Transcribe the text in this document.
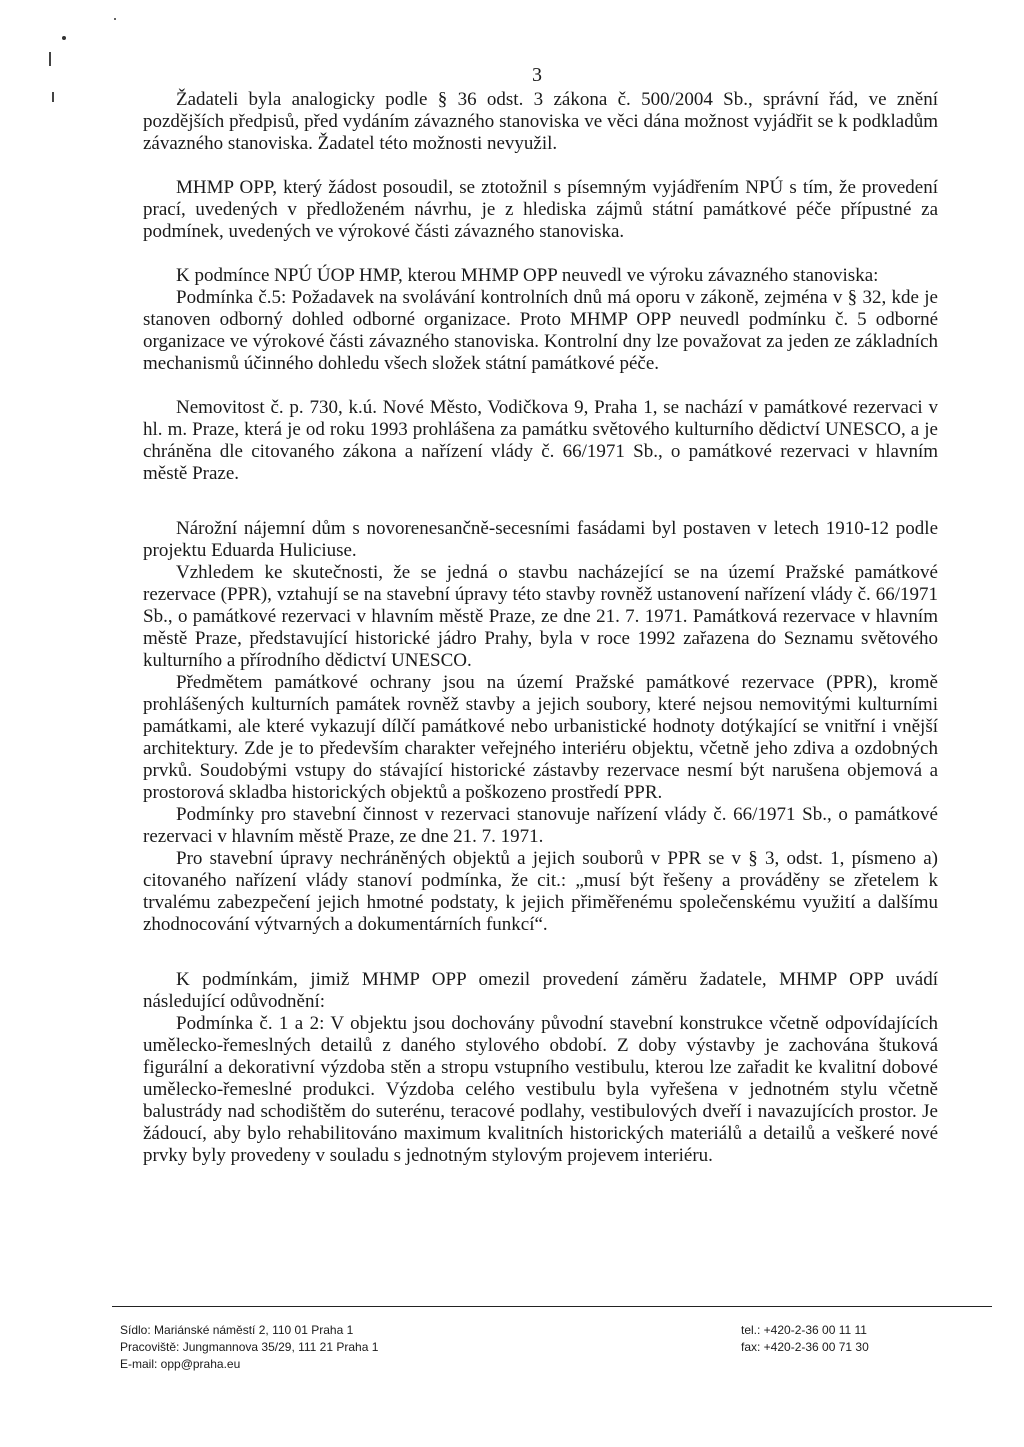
3

Žadateli byla analogicky podle § 36 odst. 3 zákona č. 500/2004 Sb., správní řád, ve znění pozdějších předpisů, před vydáním závazného stanoviska ve věci dána možnost vyjádřit se k podkladům závazného stanoviska. Žadatel této možnosti nevyužil.

MHMP OPP, který žádost posoudil, se ztotožnil s písemným vyjádřením NPÚ s tím, že provedení prací, uvedených v předloženém návrhu, je z hlediska zájmů státní památkové péče přípustné za podmínek, uvedených ve výrokové části závazného stanoviska.

K podmínce NPÚ ÚOP HMP, kterou MHMP OPP neuvedl ve výroku závazného stanoviska:

Podmínka č.5: Požadavek na svolávání kontrolních dnů má oporu v zákoně, zejména v § 32, kde je stanoven odborný dohled odborné organizace. Proto MHMP OPP neuvedl podmínku č. 5 odborné organizace ve výrokové části závazného stanoviska. Kontrolní dny lze považovat za jeden ze základních mechanismů účinného dohledu všech složek státní památkové péče.

Nemovitost č. p. 730, k.ú. Nové Město, Vodičkova 9, Praha 1, se nachází v památkové rezervaci v hl. m. Praze, která je od roku 1993 prohlášena za památku světového kulturního dědictví UNESCO, a je chráněna dle citovaného zákona a nařízení vlády č. 66/1971 Sb., o památkové rezervaci v hlavním městě Praze.

Nárožní nájemní dům s novorenesančně-secesními fasádami byl postaven v letech 1910-12 podle projektu Eduarda Huliciuse.

Vzhledem ke skutečnosti, že se jedná o stavbu nacházející se na území Pražské památkové rezervace (PPR), vztahují se na stavební úpravy této stavby rovněž ustanovení nařízení vlády č. 66/1971 Sb., o památkové rezervaci v hlavním městě Praze, ze dne 21. 7. 1971. Památková rezervace v hlavním městě Praze, představující historické jádro Prahy, byla v roce 1992 zařazena do Seznamu světového kulturního a přírodního dědictví UNESCO.

Předmětem památkové ochrany jsou na území Pražské památkové rezervace (PPR), kromě prohlášených kulturních památek rovněž stavby a jejich soubory, které nejsou nemovitými kulturními památkami, ale které vykazují dílčí památkové nebo urbanistické hodnoty dotýkající se vnitřní i vnější architektury. Zde je to především charakter veřejného interiéru objektu, včetně jeho zdiva a ozdobných prvků. Soudobými vstupy do stávající historické zástavby rezervace nesmí být narušena objemová a prostorová skladba historických objektů a poškozeno prostředí PPR.

Podmínky pro stavební činnost v rezervaci stanovuje nařízení vlády č. 66/1971 Sb., o památkové rezervaci v hlavním městě Praze, ze dne 21. 7. 1971.

Pro stavební úpravy nechráněných objektů a jejich souborů v PPR se v § 3, odst. 1, písmeno a) citovaného nařízení vlády stanoví podmínka, že cit.: „musí být řešeny a prováděny se zřetelem k trvalému zabezpečení jejich hmotné podstaty, k jejich přiměřenému společenskému využití a dalšímu zhodnocování výtvarných a dokumentárních funkcí“.

K podmínkám, jimiž MHMP OPP omezil provedení záměru žadatele, MHMP OPP uvádí následující odůvodnění:

Podmínka č. 1 a 2: V objektu jsou dochovány původní stavební konstrukce včetně odpovídajících umělecko-řemeslných detailů z daného stylového období. Z doby výstavby je zachována štuková figurální a dekorativní výzdoba stěn a stropu vstupního vestibulu, kterou lze zařadit ke kvalitní dobové umělecko-řemeslné produkci. Výzdoba celého vestibulu byla vyřešena v jednotném stylu včetně balustrády nad schodištěm do suterénu, teracové podlahy, vestibulových dveří i navazujících prostor. Je žádoucí, aby bylo rehabilitováno maximum kvalitních historických materiálů a detailů a veškeré nové prvky byly provedeny v souladu s jednotným stylovým projevem interiéru.

Sídlo: Mariánské náměstí 2, 110 01 Praha 1
Pracoviště: Jungmannova 35/29, 111 21 Praha 1
E-mail: opp@praha.eu
tel.: +420-2-36 00 11 11
fax: +420-2-36 00 71 30
